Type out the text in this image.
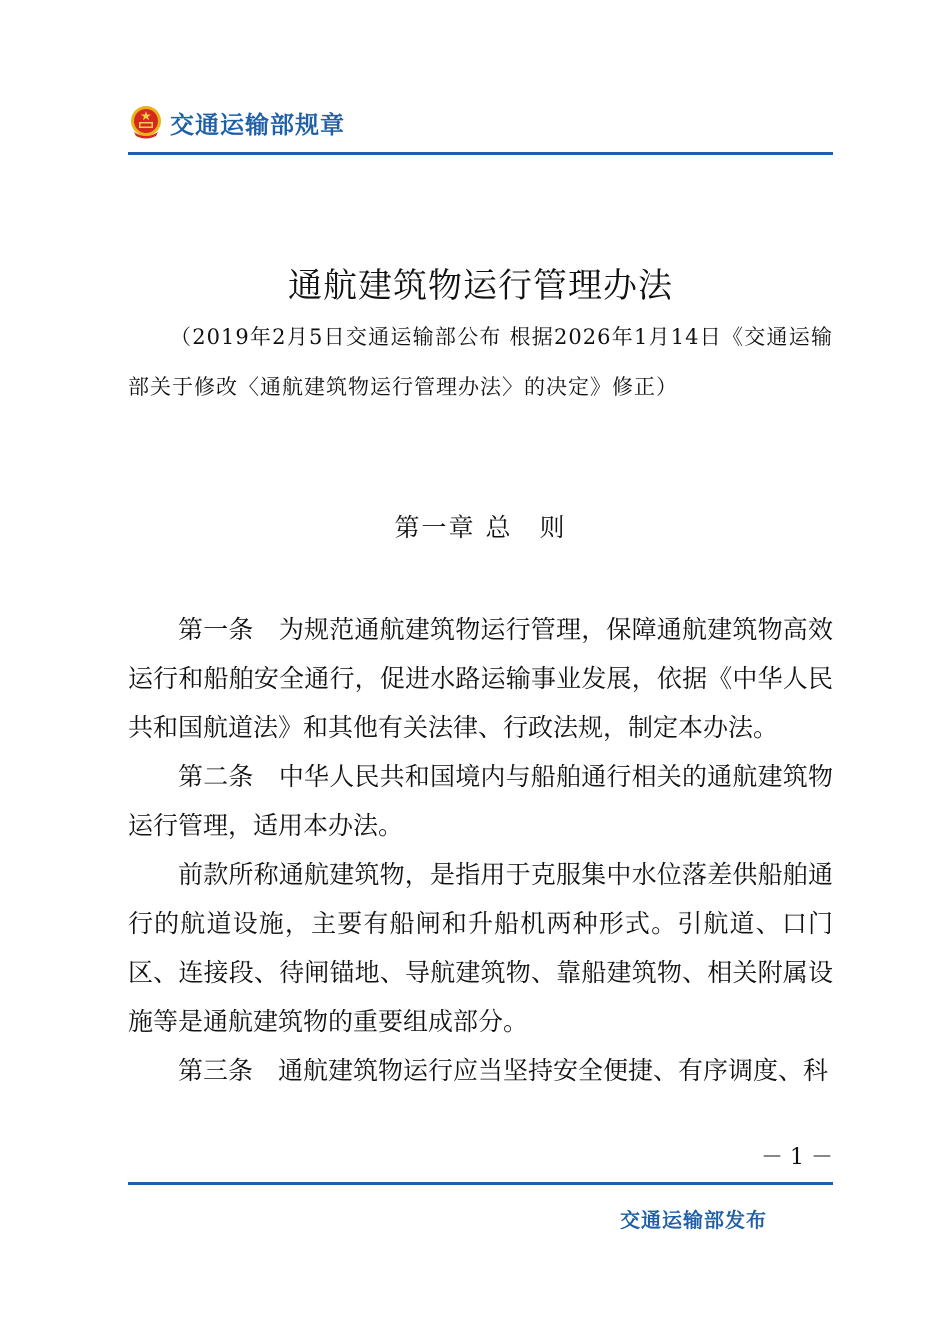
交通运输部规章
通航建筑物运行管理办法
（2019年2月5日交通运输部公布 根据2026年1月14日《交通运输部关于修改〈通航建筑物运行管理办法〉的决定》修正）
第一章 总　则

第一条　 为规范通航建筑物运行管理，保障通航建筑物高效运行和船舶安全通行，促进水路运输事业发展，依据《中华人民共和国航道法》和其他有关法律、行政法规，制定本办法。

第二条　 中华人民共和国境内与船舶通行相关的通航建筑物运行管理，适用本办法。

前款所称通航建筑物，是指用于克服集中水位落差供船舶通行的航道设施，主要有船闸和升船机两种形式。引航道、口门区、连接段、待闸锚地、导航建筑物、靠船建筑物、相关附属设施等是通航建筑物的重要组成部分。

第三条　 通航建筑物运行应当坚持安全便捷、有序调度、科

－ 1 －
交通运输部发布
